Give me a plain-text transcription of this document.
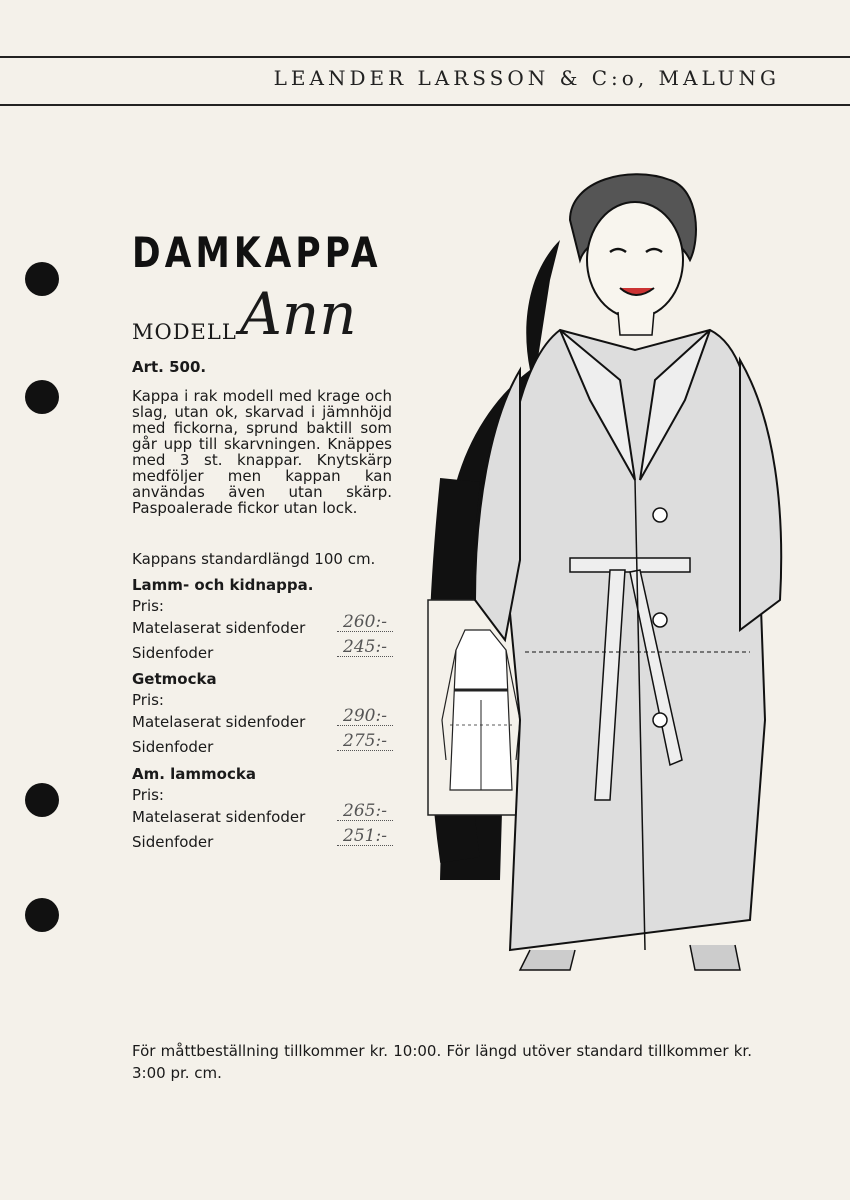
LEANDER LARSSON & C:o, MALUNG
DAMKAPPA
MODELL Ann
Art. 500.
Kappa i rak modell med krage och slag, utan ok, skarvad i jämnhöjd med fickorna, sprund baktill som går upp till skarvningen. Knäppes med 3 st. knappar. Knytskärp medföljer men kappan kan användas även utan skärp. Paspoalerade fickor utan lock.
Kappans standardlängd 100 cm.
Lamm- och kidnappa.
Pris:
Matelaserat sidenfoder	260:-
Sidenfoder	245:-
Getmocka
Pris:
Matelaserat sidenfoder	290:-
Sidenfoder	275:-
Am. lammocka
Pris:
Matelaserat sidenfoder	265:-
Sidenfoder	251:-
För måttbeställning tillkommer kr. 10:00. För längd utöver standard tillkommer kr. 3:00 pr. cm.
